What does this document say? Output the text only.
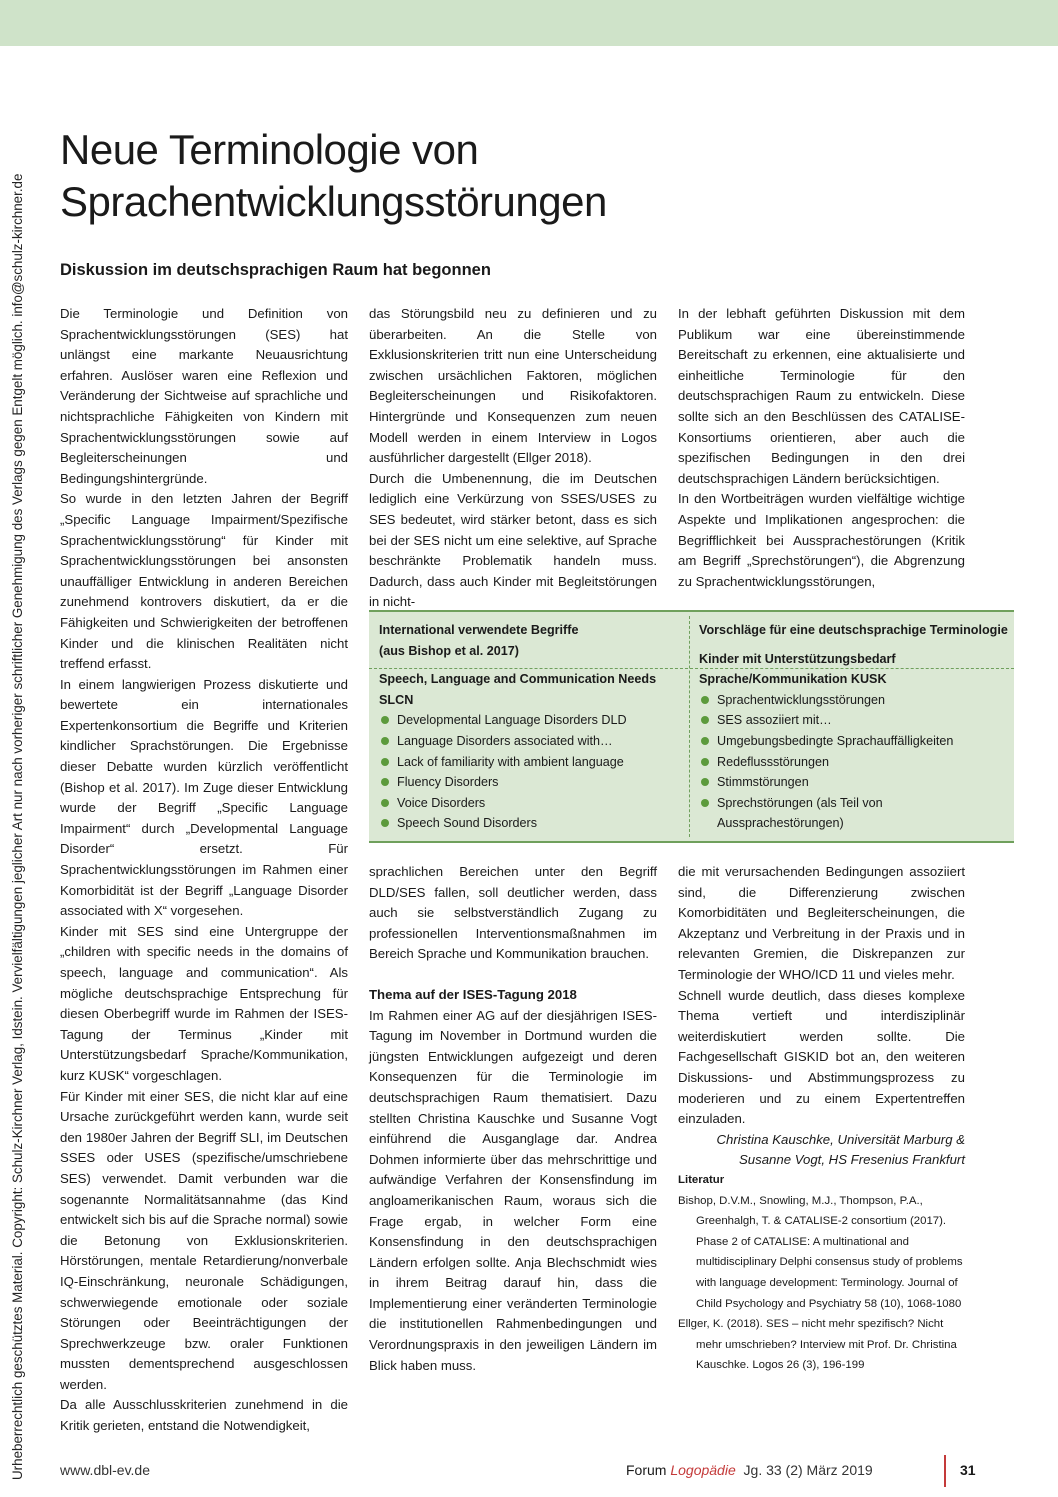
Urheberrechtlich geschütztes Material. Copyright: Schulz-Kirchner Verlag, Idstein. Vervielfältigungen jeglicher Art nur nach vorheriger schriftlicher Genehmigung des Verlags gegen Entgelt möglich. info@schulz-kirchner.de
Neue Terminologie von
Sprachentwicklungsstörungen
Diskussion im deutschsprachigen Raum hat begonnen

Die Terminologie und Definition von Sprachentwicklungsstörungen (SES) hat unlängst eine markante Neuausrichtung erfahren. Auslöser waren eine Reflexion und Veränderung der Sichtweise auf sprachliche und nichtsprachliche Fähigkeiten von Kindern mit Sprachentwicklungsstörungen sowie auf Begleiterscheinungen und Bedingungshintergründe.

So wurde in den letzten Jahren der Begriff „Specific Language Impairment/Spezifische Sprachentwicklungsstörung“ für Kinder mit Sprachentwicklungsstörungen bei ansonsten unauffälliger Entwicklung in anderen Bereichen zunehmend kontrovers diskutiert, da er die Fähigkeiten und Schwierigkeiten der betroffenen Kinder und die klinischen Realitäten nicht treffend erfasst.

In einem langwierigen Prozess diskutierte und bewertete ein internationales Expertenkonsortium die Begriffe und Kriterien kindlicher Sprachstörungen. Die Ergebnisse dieser Debatte wurden kürzlich veröffentlicht (Bishop et al. 2017). Im Zuge dieser Entwicklung wurde der Begriff „Specific Language Impairment“ durch „Developmental Language Disorder“ ersetzt. Für Sprachentwicklungsstörungen im Rahmen einer Komorbidität ist der Begriff „Language Disorder associated with X“ vorgesehen.

Kinder mit SES sind eine Untergruppe der „children with specific needs in the domains of speech, language and communication“. Als mögliche deutschsprachige Entsprechung für diesen Oberbegriff wurde im Rahmen der ISES-Tagung der Terminus „Kinder mit Unterstützungsbedarf Sprache/Kommunikation, kurz KUSK“ vorgeschlagen.

Für Kinder mit einer SES, die nicht klar auf eine Ursache zurückgeführt werden kann, wurde seit den 1980er Jahren der Begriff SLI, im Deutschen SSES oder USES (spezifische/umschriebene SES) verwendet. Damit verbunden war die sogenannte Normalitätsannahme (das Kind entwickelt sich bis auf die Sprache normal) sowie die Betonung von Exklusionskriterien. Hörstörungen, mentale Retardierung/nonverbale IQ-Einschränkung, neuronale Schädigungen, schwerwiegende emotionale oder soziale Störungen oder Beeinträchtigungen der Sprechwerkzeuge bzw. oraler Funktionen mussten dementsprechend ausgeschlossen werden.

Da alle Ausschlusskriterien zunehmend in die Kritik gerieten, entstand die Notwendigkeit,

das Störungsbild neu zu definieren und zu überarbeiten. An die Stelle von Exklusionskriterien tritt nun eine Unterscheidung zwischen ursächlichen Faktoren, möglichen Begleiterscheinungen und Risikofaktoren. Hintergründe und Konsequenzen zum neuen Modell werden in einem Interview in Logos ausführlicher dargestellt (Ellger 2018).

Durch die Umbenennung, die im Deutschen lediglich eine Verkürzung von SSES/USES zu SES bedeutet, wird stärker betont, dass es sich bei der SES nicht um eine selektive, auf Sprache beschränkte Problematik handeln muss. Dadurch, dass auch Kinder mit Begleitstörungen in nicht-

In der lebhaft geführten Diskussion mit dem Publikum war eine übereinstimmende Bereitschaft zu erkennen, eine aktualisierte und einheitliche Terminologie für den deutschsprachigen Raum zu entwickeln. Diese sollte sich an den Beschlüssen des CATALISE-Konsortiums orientieren, aber auch die spezifischen Bedingungen in den drei deutschsprachigen Ländern berücksichtigen.

In den Wortbeiträgen wurden vielfältige wichtige Aspekte und Implikationen angesprochen: die Begrifflichkeit bei Aussprachestörungen (Kritik am Begriff „Sprechstörungen“), die Abgrenzung zu Sprachentwicklungsstörungen,

International verwendete Begriffe
(aus Bishop et al. 2017)

Speech, Language and Communication Needs SLCN

Developmental Language Disorders DLD
Language Disorders associated with…
Lack of familiarity with ambient language
Fluency Disorders
Voice Disorders
Speech Sound Disorders

Vorschläge für eine deutschsprachige Terminologie

Kinder mit Unterstützungsbedarf Sprache/Kommunikation KUSK

Sprachentwicklungsstörungen
SES assoziiert mit…
Umgebungsbedingte Sprachauffälligkeiten
Redeflussstörungen
Stimmstörungen
Sprechstörungen (als Teil von Aussprachestörungen)

sprachlichen Bereichen unter den Begriff DLD/SES fallen, soll deutlicher werden, dass auch sie selbstverständlich Zugang zu professionellen Interventionsmaßnahmen im Bereich Sprache und Kommunikation brauchen.

Thema auf der ISES-Tagung 2018

Im Rahmen einer AG auf der diesjährigen ISES-Tagung im November in Dortmund wurden die jüngsten Entwicklungen aufgezeigt und deren Konsequenzen für die Terminologie im deutschsprachigen Raum thematisiert. Dazu stellten Christina Kauschke und Susanne Vogt einführend die Ausganglage dar. Andrea Dohmen informierte über das mehrschrittige und aufwändige Verfahren der Konsensfindung im angloamerikanischen Raum, woraus sich die Frage ergab, in welcher Form eine Konsensfindung in den deutschsprachigen Ländern erfolgen sollte. Anja Blechschmidt wies in ihrem Beitrag darauf hin, dass die Implementierung einer veränderten Terminologie die institutionellen Rahmenbedingungen und Verordnungspraxis in den jeweiligen Ländern im Blick haben muss.

die mit verursachenden Bedingungen assoziiert sind, die Differenzierung zwischen Komorbiditäten und Begleiterscheinungen, die Akzeptanz und Verbreitung in der Praxis und in relevanten Gremien, die Diskrepanzen zur Terminologie der WHO/ICD 11 und vieles mehr.

Schnell wurde deutlich, dass dieses komplexe Thema vertieft und interdisziplinär weiterdiskutiert werden sollte. Die Fachgesellschaft GISKID bot an, den weiteren Diskussions- und Abstimmungsprozess zu moderieren und zu einem Expertentreffen einzuladen.

Christina Kauschke, Universität Marburg &

Susanne Vogt, HS Fresenius Frankfurt

Literatur

Bishop, D.V.M., Snowling, M.J., Thompson, P.A., Greenhalgh, T. & CATALISE-2 consortium (2017). Phase 2 of CATALISE: A multinational and multidisciplinary Delphi consensus study of problems with language development: Terminology. Journal of Child Psychology and Psychiatry 58 (10), 1068-1080

Ellger, K. (2018). SES – nicht mehr spezifisch? Nicht mehr umschrieben? Interview mit Prof. Dr. Christina Kauschke. Logos 26 (3), 196-199

www.dbl-ev.de	Forum Logopädie Jg. 33 (2) März 2019	31
